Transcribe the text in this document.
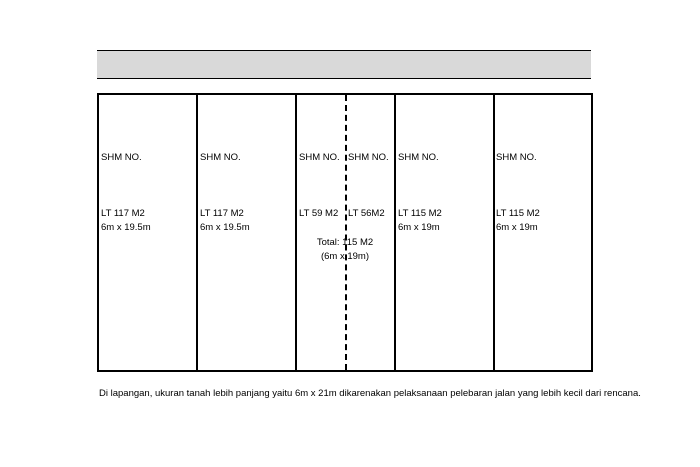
SHM NO.
LT 117 M2
6m x 19.5m
SHM NO.
LT 117 M2
6m x 19.5m
SHM NO.
LT 59 M2
SHM NO.
LT 56M2
Total: 115 M2
(6m x 19m)
SHM NO.
LT 115 M2
6m x 19m
SHM NO.
LT 115 M2
6m x 19m
Di lapangan, ukuran tanah lebih panjang yaitu 6m x 21m dikarenakan pelaksanaan pelebaran jalan yang lebih kecil dari rencana.
